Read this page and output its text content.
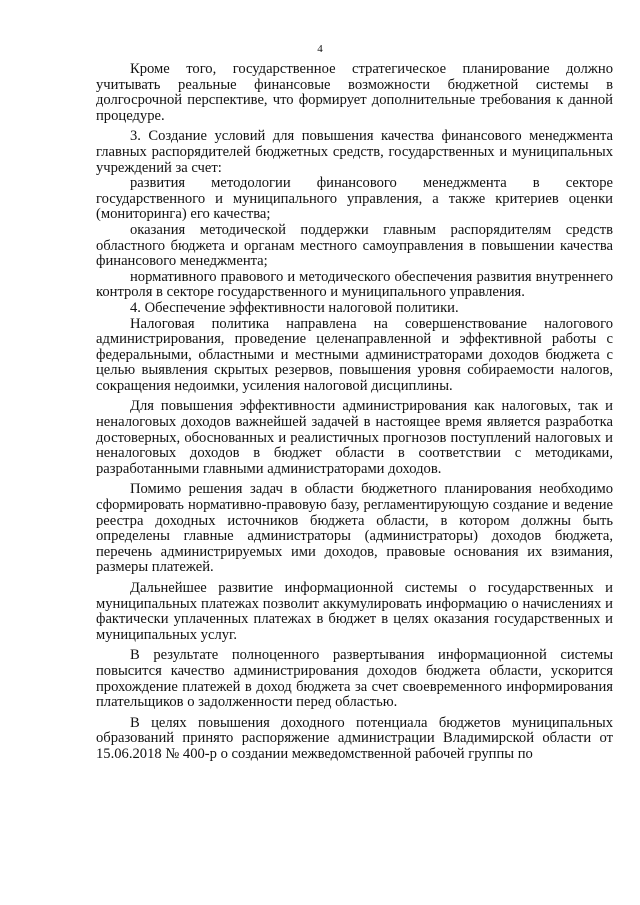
4

Кроме того, государственное стратегическое планирование должно учитывать реальные финансовые возможности бюджетной системы в долгосрочной перспективе, что формирует дополнительные требования к данной процедуре.

3. Создание условий для повышения качества финансового менеджмента главных распорядителей бюджетных средств, государственных и муниципальных учреждений за счет:

развития методологии финансового менеджмента в секторе государственного и муниципального управления, а также критериев оценки (мониторинга) его качества;

оказания методической поддержки главным распорядителям средств областного бюджета и органам местного самоуправления в повышении качества финансового менеджмента;

нормативного правового и методического обеспечения развития внутреннего контроля в секторе государственного и муниципального управления.

4. Обеспечение эффективности налоговой политики.

Налоговая политика направлена на совершенствование налогового администрирования, проведение целенаправленной и эффективной работы с федеральными, областными и местными администраторами доходов бюджета с целью выявления скрытых резервов, повышения уровня собираемости налогов, сокращения недоимки, усиления налоговой дисциплины.

Для повышения эффективности администрирования как налоговых, так и неналоговых доходов важнейшей задачей в настоящее время является разработка достоверных, обоснованных и реалистичных прогнозов поступлений налоговых и неналоговых доходов в бюджет области в соответствии с методиками, разработанными главными администраторами доходов.

Помимо решения задач в области бюджетного планирования необходимо сформировать нормативно-правовую базу, регламентирующую создание и ведение реестра доходных источников бюджета области, в котором должны быть определены главные администраторы (администраторы) доходов бюджета, перечень администрируемых ими доходов, правовые основания их взимания, размеры платежей.

Дальнейшее развитие информационной системы о государственных и муниципальных платежах позволит аккумулировать информацию о начислениях и фактически уплаченных платежах в бюджет в целях оказания государственных и муниципальных услуг.

В результате полноценного развертывания информационной системы повысится качество администрирования доходов бюджета области, ускорится прохождение платежей в доход бюджета за счет своевременного информирования плательщиков о задолженности перед областью.

В целях повышения доходного потенциала бюджетов муниципальных образований принято распоряжение администрации Владимирской области от 15.06.2018 № 400-р о создании межведомственной рабочей группы по
